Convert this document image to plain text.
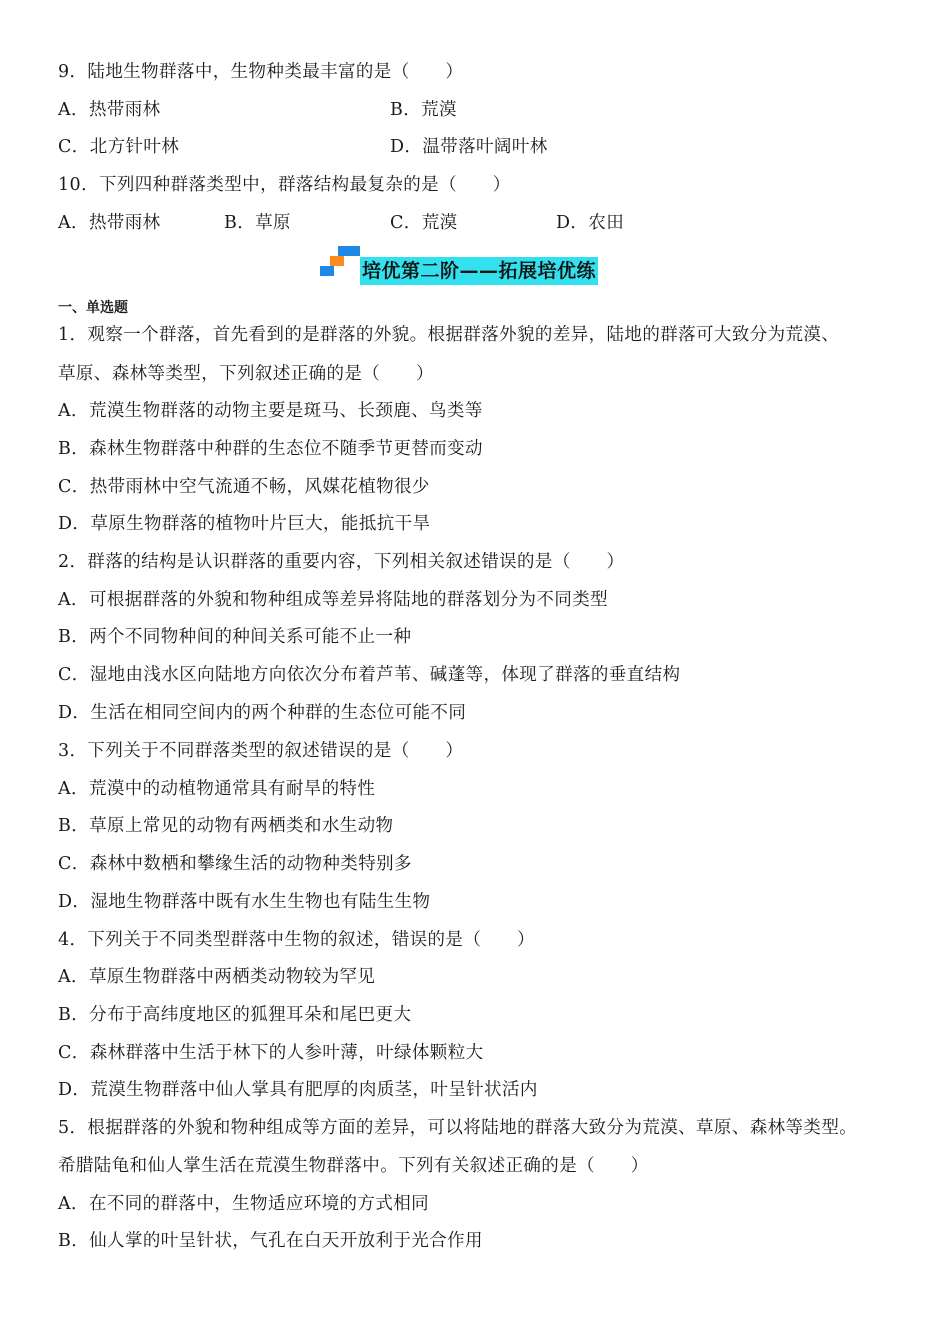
9．陆地生物群落中，生物种类最丰富的是（　　）
A．热带雨林	B．荒漠
C．北方针叶林	D．温带落叶阔叶林
10．下列四种群落类型中，群落结构最复杂的是（　　）
A．热带雨林	B．草原	C．荒漠	D．农田
培优第二阶——拓展培优练
一、单选题
1．观察一个群落，首先看到的是群落的外貌。根据群落外貌的差异，陆地的群落可大致分为荒漠、
草原、森林等类型，下列叙述正确的是（　　）
A．荒漠生物群落的动物主要是斑马、长颈鹿、鸟类等
B．森林生物群落中种群的生态位不随季节更替而变动
C．热带雨林中空气流通不畅，风媒花植物很少
D．草原生物群落的植物叶片巨大，能抵抗干旱
2．群落的结构是认识群落的重要内容，下列相关叙述错误的是（　　）
A．可根据群落的外貌和物种组成等差异将陆地的群落划分为不同类型
B．两个不同物种间的种间关系可能不止一种
C．湿地由浅水区向陆地方向依次分布着芦苇、碱蓬等，体现了群落的垂直结构
D．生活在相同空间内的两个种群的生态位可能不同
3．下列关于不同群落类型的叙述错误的是（　　）
A．荒漠中的动植物通常具有耐旱的特性
B．草原上常见的动物有两栖类和水生动物
C．森林中数栖和攀缘生活的动物种类特别多
D．湿地生物群落中既有水生生物也有陆生生物
4．下列关于不同类型群落中生物的叙述，错误的是（　　）
A．草原生物群落中两栖类动物较为罕见
B．分布于高纬度地区的狐狸耳朵和尾巴更大
C．森林群落中生活于林下的人参叶薄，叶绿体颗粒大
D．荒漠生物群落中仙人掌具有肥厚的肉质茎，叶呈针状活内
5．根据群落的外貌和物种组成等方面的差异，可以将陆地的群落大致分为荒漠、草原、森林等类型。
希腊陆龟和仙人掌生活在荒漠生物群落中。下列有关叙述正确的是（　　）
A．在不同的群落中，生物适应环境的方式相同
B．仙人掌的叶呈针状，气孔在白天开放利于光合作用
